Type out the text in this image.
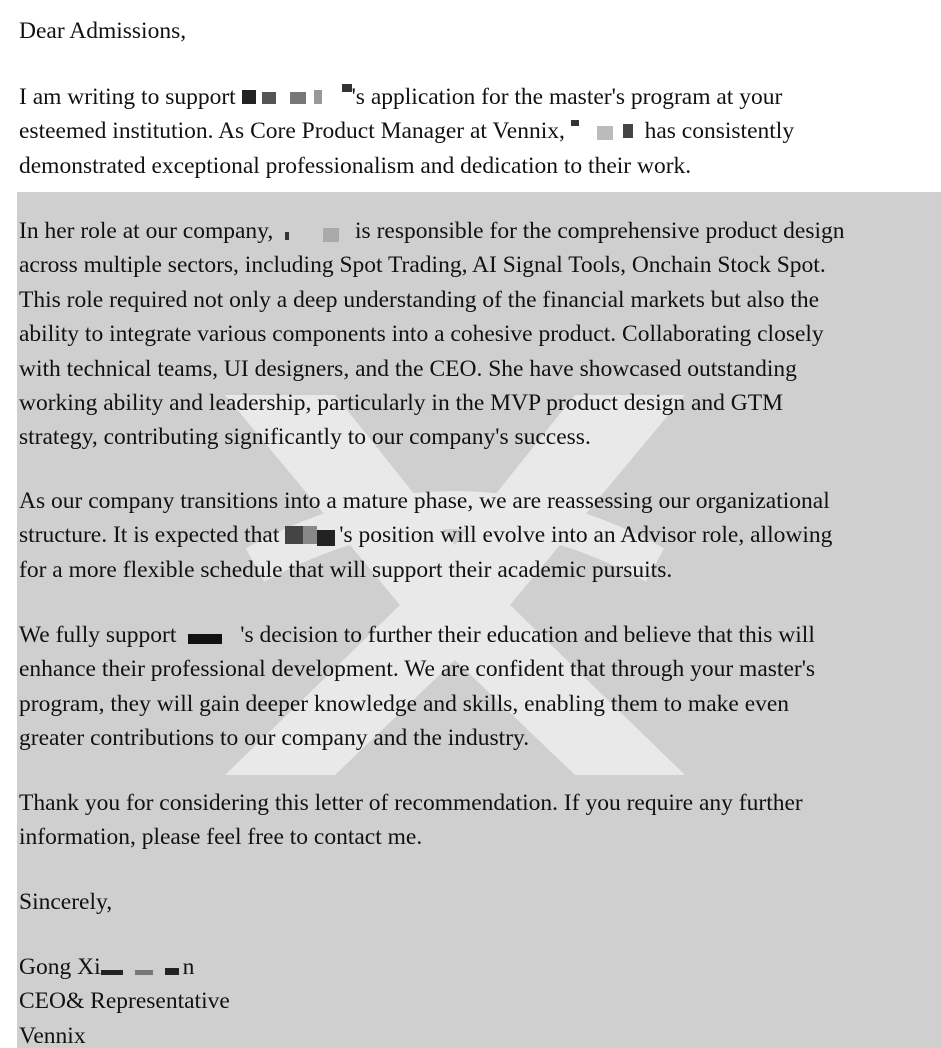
Dear Admissions,
I am writing to support	's application for the master's program at your
esteemed institution. As Core Product Manager at Vennix,	has consistently
demonstrated exceptional professionalism and dedication to their work.
In her role at our company,	is responsible for the comprehensive product design
across multiple sectors, including Spot Trading, AI Signal Tools, Onchain Stock Spot.
This role required not only a deep understanding of the financial markets but also the
ability to integrate various components into a cohesive product. Collaborating closely
with technical teams, UI designers, and the CEO. She have showcased outstanding
working ability and leadership, particularly in the MVP product design and GTM
strategy, contributing significantly to our company's success.
As our company transitions into a mature phase, we are reassessing our organizational
structure. It is expected that
's position will evolve into an Advisor role, allowing
for a more flexible schedule that will support their academic pursuits.
We fully support
's decision to further their education and believe that this will
enhance their professional development. We are confident that through your master's
program, they will gain deeper knowledge and skills, enabling them to make even
greater contributions to our company and the industry.
Thank you for considering this letter of recommendation. If you require any further
information, please feel free to contact me.
Sincerely,
Gong Xi	n
CEO& Representative
Vennix
